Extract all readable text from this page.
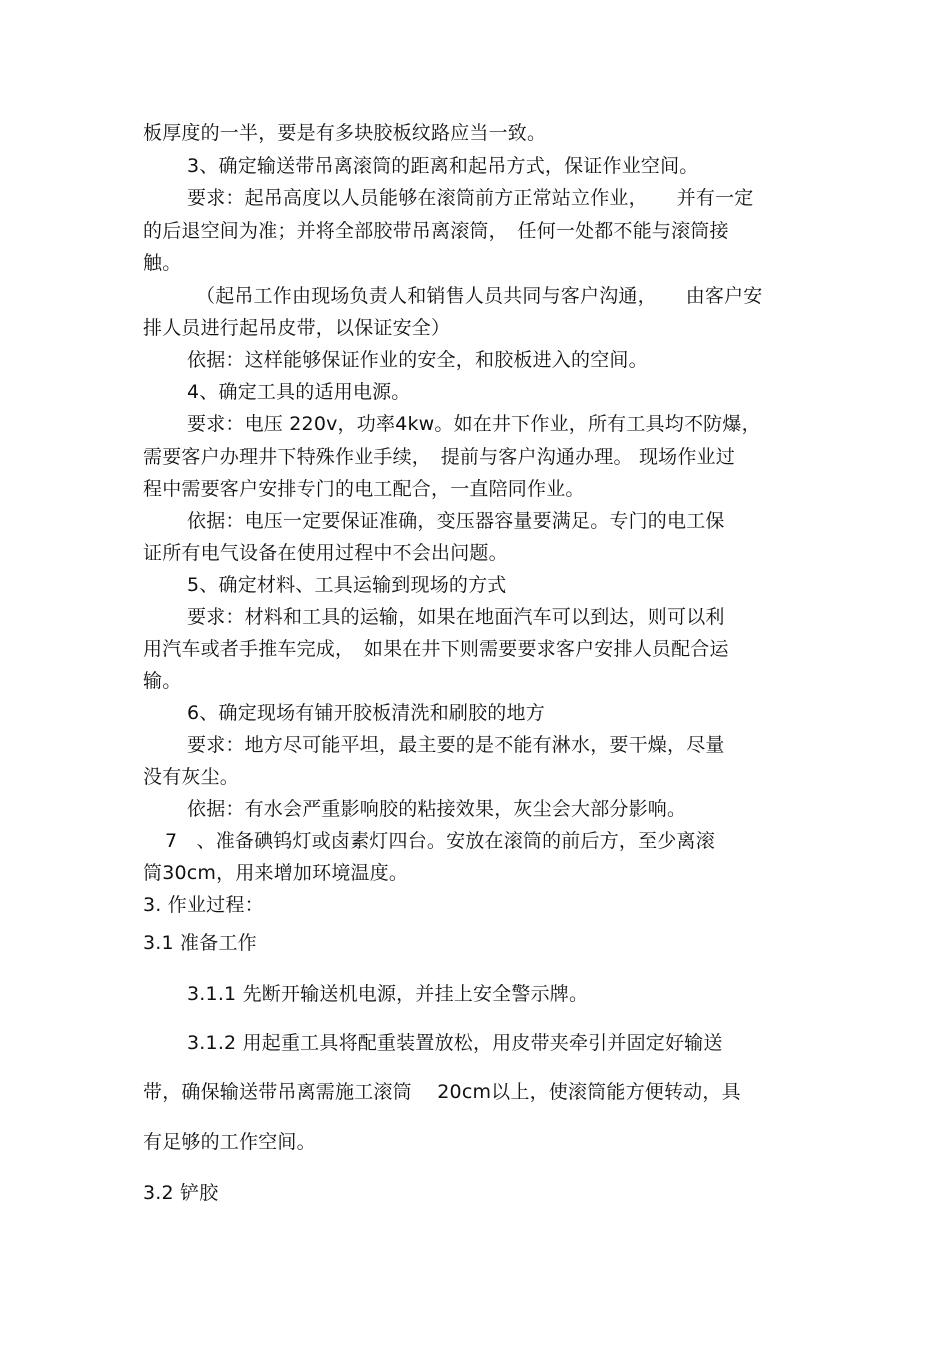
板厚度的一半，要是有多块胶板纹路应当一致。
3、确定输送带吊离滚筒的距离和起吊方式，保证作业空间。
要求：起吊高度以人员能够在滚筒前方正常站立作业，　　并有一定
的后退空间为准；并将全部胶带吊离滚筒，　任何一处都不能与滚筒接
触。
（起吊工作由现场负责人和销售人员共同与客户沟通，　　由客户安
排人员进行起吊皮带，以保证安全）
依据：这样能够保证作业的安全，和胶板进入的空间。
4、确定工具的适用电源。
要求：电压 220v，功率4kw。如在井下作业，所有工具均不防爆，
需要客户办理井下特殊作业手续，　提前与客户沟通办理。 现场作业过
程中需要客户安排专门的电工配合，一直陪同作业。
依据：电压一定要保证准确，变压器容量要满足。专门的电工保
证所有电气设备在使用过程中不会出问题。
5、确定材料、工具运输到现场的方式
要求：材料和工具的运输，如果在地面汽车可以到达，则可以利
用汽车或者手推车完成，　如果在井下则需要要求客户安排人员配合运
输。
6、确定现场有铺开胶板清洗和刷胶的地方
要求：地方尽可能平坦，最主要的是不能有淋水，要干燥，尽量
没有灰尘。
依据：有水会严重影响胶的粘接效果，灰尘会大部分影响。
7　、准备碘钨灯或卤素灯四台。安放在滚筒的前后方，至少离滚
筒30cm，用来增加环境温度。
3. 作业过程：
3.1 准备工作
3.1.1 先断开输送机电源，并挂上安全警示牌。
3.1.2 用起重工具将配重装置放松，用皮带夹牵引并固定好输送
带，确保输送带吊离需施工滚筒　 20cm以上，使滚筒能方便转动，具
有足够的工作空间。
3.2 铲胶
